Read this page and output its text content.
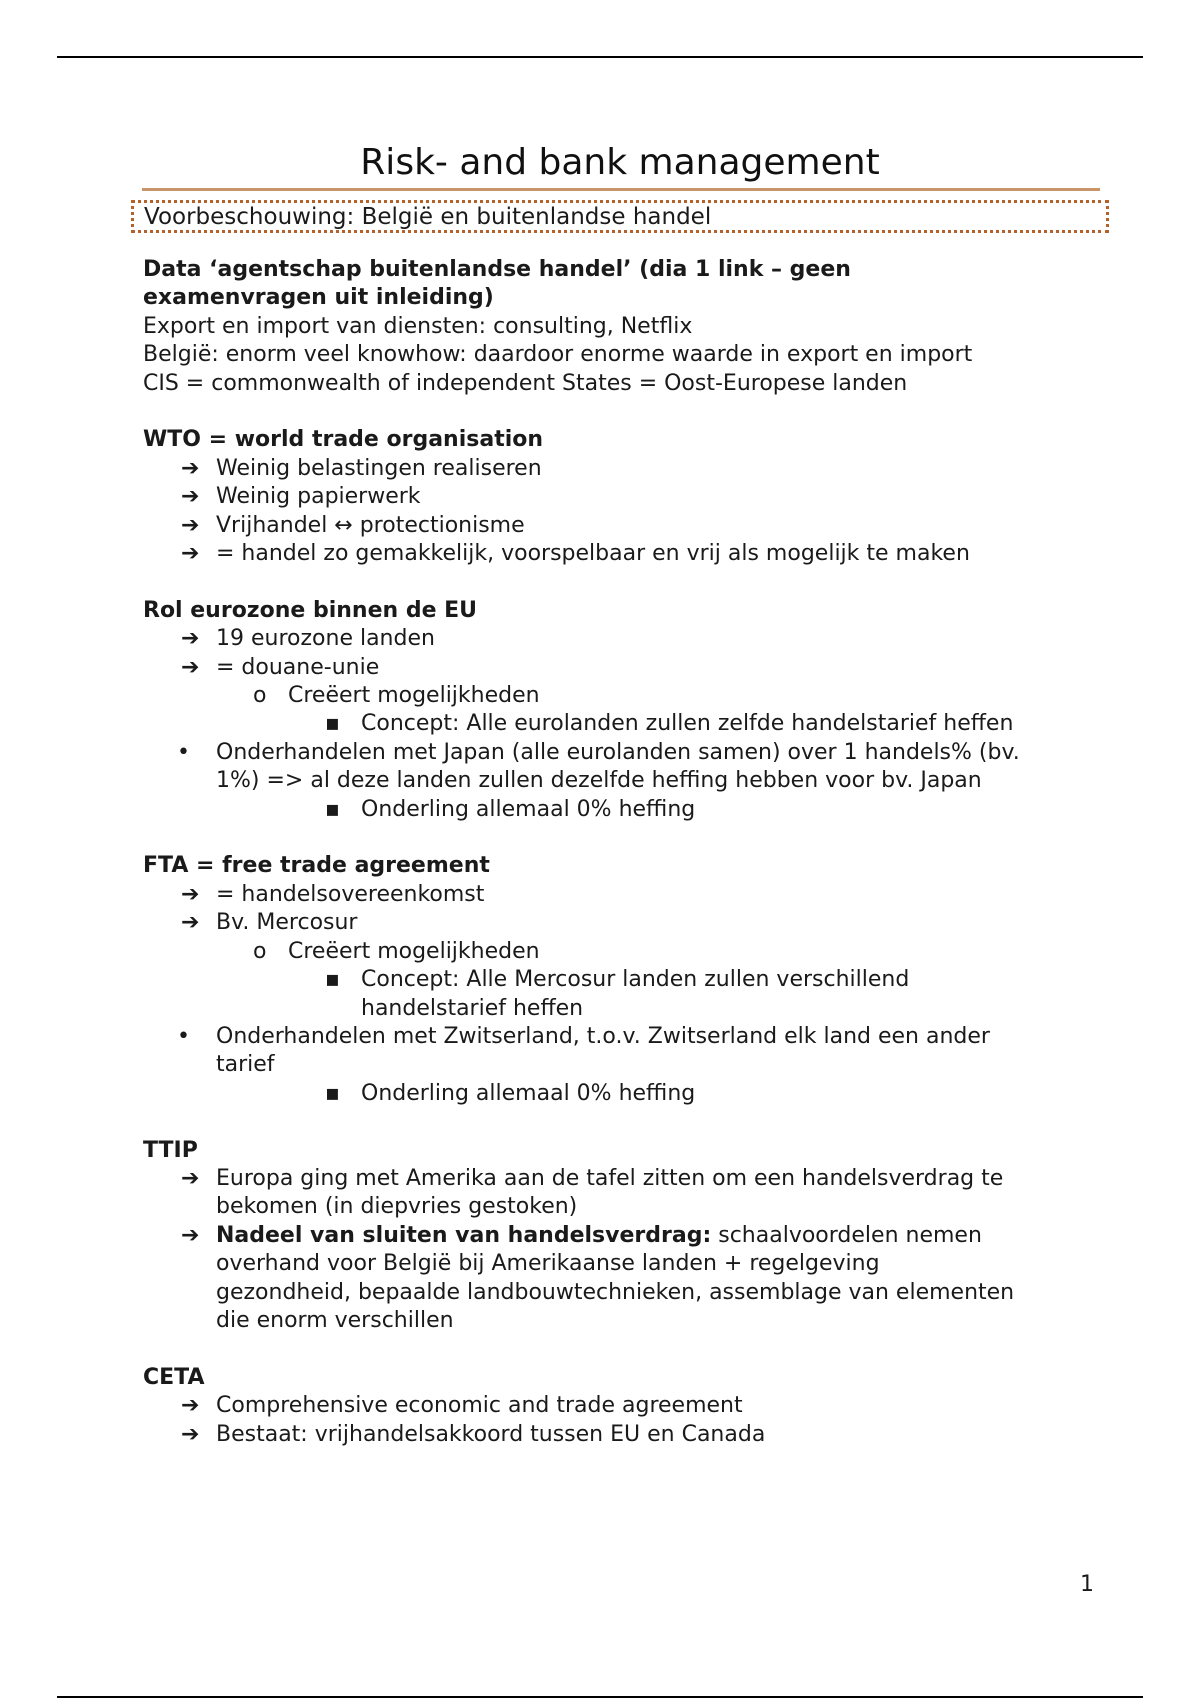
Risk- and bank management
Voorbeschouwing: België en buitenlandse handel
Data ‘agentschap buitenlandse handel’ (dia 1 link – geen
examenvragen uit inleiding)
Export en import van diensten: consulting, Netflix
België: enorm veel knowhow: daardoor enorme waarde in export en import
CIS = commonwealth of independent States = Oost-Europese landen
WTO = world trade organisation
➔ Weinig belastingen realiseren
➔ Weinig papierwerk
➔ Vrijhandel ↔ protectionisme
➔ = handel zo gemakkelijk, voorspelbaar en vrij als mogelijk te maken
Rol eurozone binnen de EU
➔ 19 eurozone landen
➔ = douane-unie
o Creëert mogelijkheden
▪ Concept: Alle eurolanden zullen zelfde handelstarief heffen
• Onderhandelen met Japan (alle eurolanden samen) over 1 handels% (bv.
1%) => al deze landen zullen dezelfde heffing hebben voor bv. Japan
▪ Onderling allemaal 0% heffing
FTA = free trade agreement
➔ = handelsovereenkomst
➔ Bv. Mercosur
o Creëert mogelijkheden
▪ Concept: Alle Mercosur landen zullen verschillend
handelstarief heffen
• Onderhandelen met Zwitserland, t.o.v. Zwitserland elk land een ander
tarief
▪ Onderling allemaal 0% heffing
TTIP
➔ Europa ging met Amerika aan de tafel zitten om een handelsverdrag te
bekomen (in diepvries gestoken)
➔ Nadeel van sluiten van handelsverdrag: schaalvoordelen nemen
overhand voor België bij Amerikaanse landen + regelgeving
gezondheid, bepaalde landbouwtechnieken, assemblage van elementen
die enorm verschillen
CETA
➔ Comprehensive economic and trade agreement
➔ Bestaat: vrijhandelsakkoord tussen EU en Canada
1
